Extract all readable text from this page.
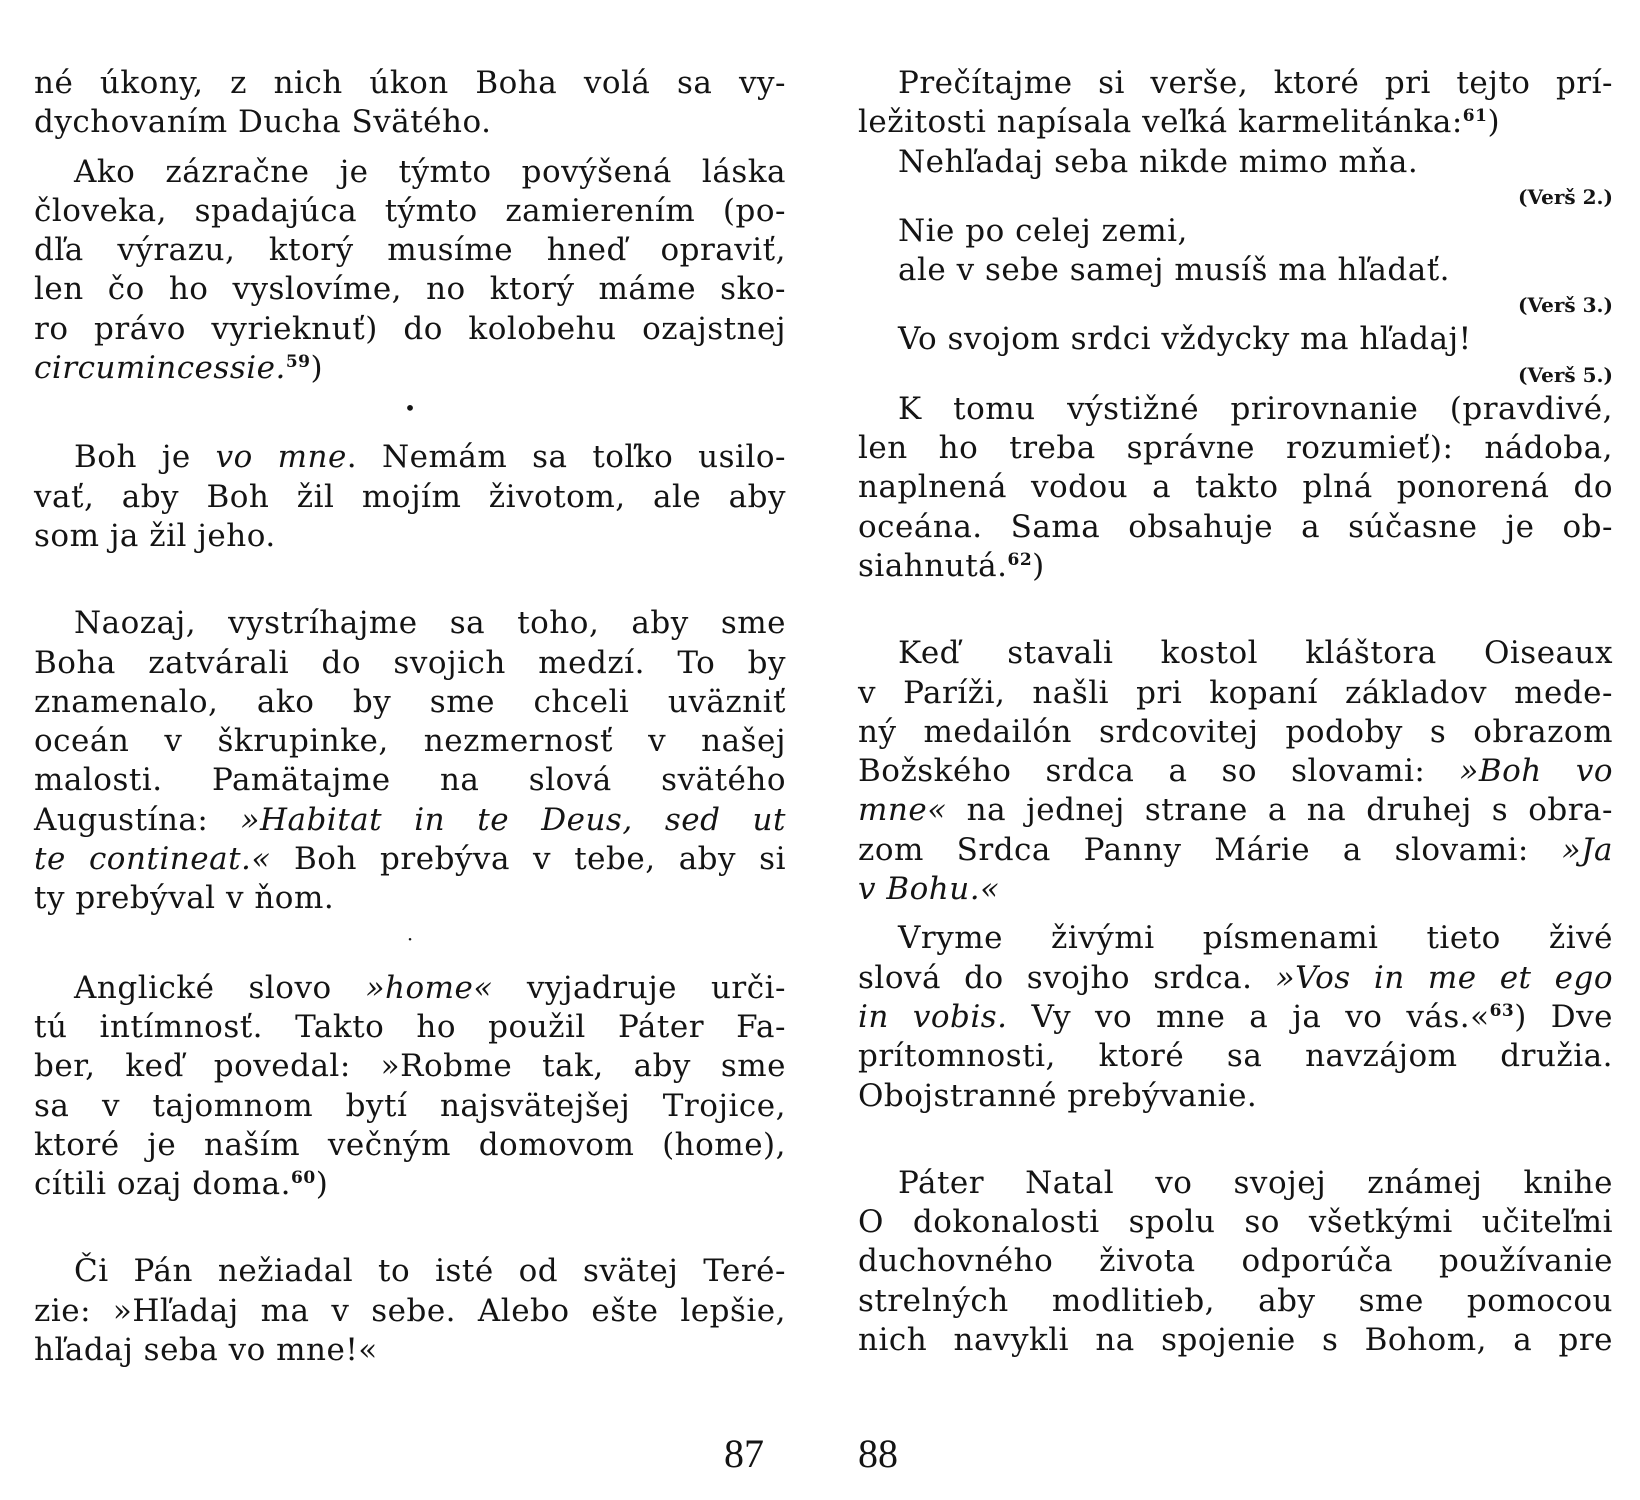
né úkony, z nich úkon Boha volá sa vy-
dychovaním Ducha Svätého.
Ako zázračne je týmto povýšená láska
človeka, spadajúca týmto zamierením (po-
dľa výrazu, ktorý musíme hneď opraviť,
len čo ho vyslovíme, no ktorý máme sko-
ro právo vyrieknuť) do kolobehu ozajstnej
circumincessie.$^{59}$)
•
Boh je vo mne. Nemám sa toľko usilo-
vať, aby Boh žil mojím životom, ale aby
som ja žil jeho.
Naozaj, vystríhajme sa toho, aby sme
Boha zatvárali do svojich medzí. To by
znamenalo, ako by sme chceli uväzniť
oceán v škrupinke, nezmernosť v našej
malosti. Pamätajme na slová svätého
Augustína: »Habitat in te Deus, sed ut
te contineat.« Boh prebýva v tebe, aby si
ty prebýval v ňom.
·
Anglické slovo »home« vyjadruje urči-
tú intímnosť. Takto ho použil Páter Fa-
ber, keď povedal: »Robme tak, aby sme
sa v tajomnom bytí najsvätejšej Trojice,
ktoré je naším večným domovom (home),
cítili ozaj doma.$^{60}$)
Či Pán nežiadal to isté od svätej Teré-
zie: »Hľadaj ma v sebe. Alebo ešte lepšie,
hľadaj seba vo mne!«
Prečítajme si verše, ktoré pri tejto prí-
ležitosti napísala veľká karmelitánka:$^{61}$)
Nehľadaj seba nikde mimo mňa.
(Verš 2.)
Nie po celej zemi,
ale v sebe samej musíš ma hľadať.
(Verš 3.)
Vo svojom srdci vždycky ma hľadaj!
(Verš 5.)
K tomu výstižné prirovnanie (pravdivé,
len ho treba správne rozumieť): nádoba,
naplnená vodou a takto plná ponorená do
oceána. Sama obsahuje a súčasne je ob-
siahnutá.$^{62}$)
Keď stavali kostol kláštora Oiseaux
v Paríži, našli pri kopaní základov mede-
ný medailón srdcovitej podoby s obrazom
Božského srdca a so slovami: »Boh vo
mne« na jednej strane a na druhej s obra-
zom Srdca Panny Márie a slovami: »Ja
v Bohu.«
Vryme živými písmenami tieto živé
slová do svojho srdca. »Vos in me et ego
in vobis. Vy vo mne a ja vo vás.«$^{63}$) Dve
prítomnosti, ktoré sa navzájom družia.
Obojstranné prebývanie.
Páter Natal vo svojej známej knihe
O dokonalosti spolu so všetkými učiteľmi
duchovného života odporúča používanie
strelných modlitieb, aby sme pomocou
nich navykli na spojenie s Bohom, a pre
87 88
